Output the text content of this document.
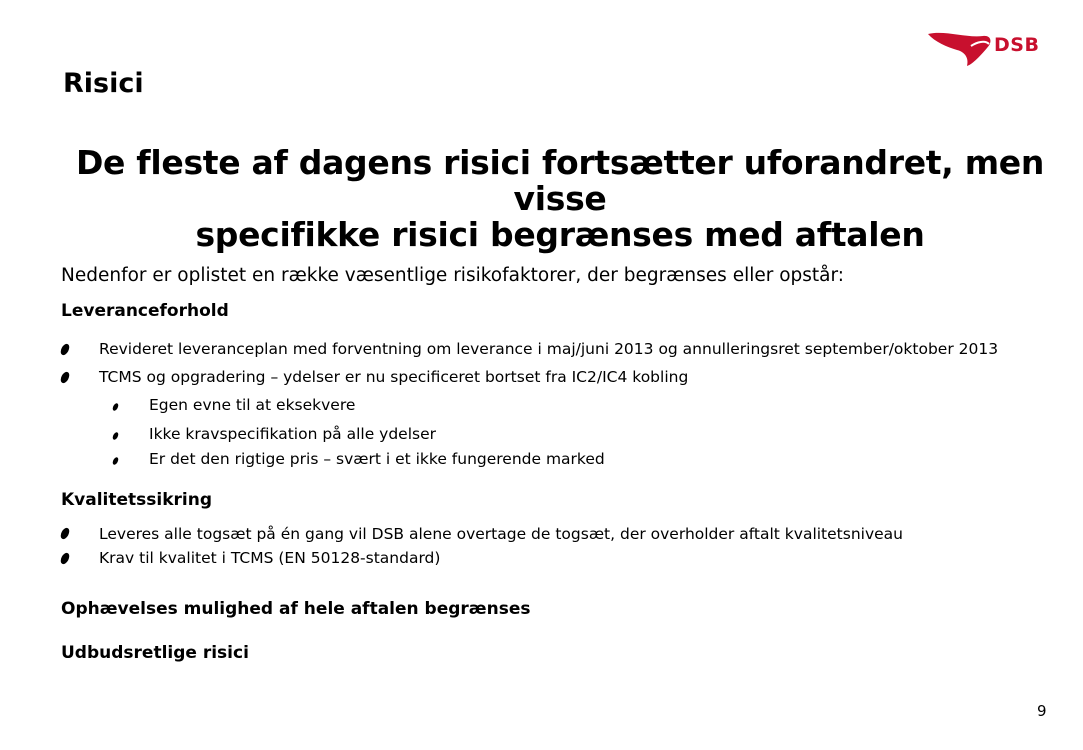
DSB
Risici
De fleste af dagens risici fortsætter uforandret, men visse
specifikke risici begrænses med aftalen
Nedenfor er oplistet en række væsentlige risikofaktorer, der begrænses eller opstår:
Leveranceforhold
Revideret leveranceplan med forventning om leverance i maj/juni 2013 og annulleringsret september/oktober 2013
TCMS og opgradering – ydelser er nu specificeret bortset fra IC2/IC4 kobling
Egen evne til at eksekvere
Ikke kravspecifikation på alle ydelser
Er det den rigtige pris – svært i et ikke fungerende marked
Kvalitetssikring
Leveres alle togsæt på én gang vil DSB alene overtage de togsæt, der overholder aftalt kvalitetsniveau
Krav til kvalitet i TCMS (EN 50128-standard)
Ophævelses mulighed af hele aftalen begrænses
Udbudsretlige risici
9
